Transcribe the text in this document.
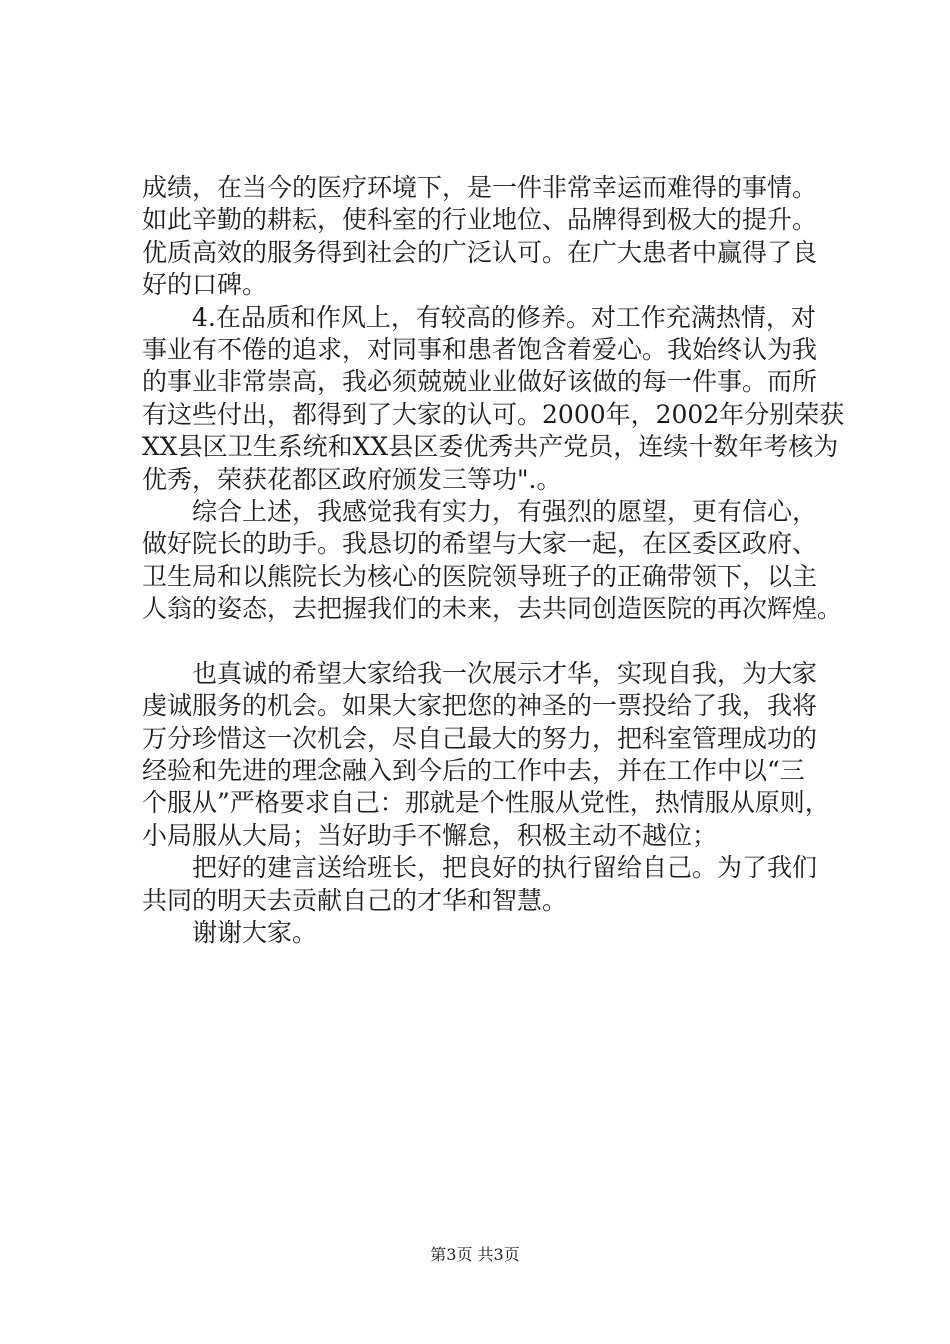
成绩，在当今的医疗环境下，是一件非常幸运而难得的事情。
如此辛勤的耕耘，使科室的行业地位、品牌得到极大的提升。
优质高效的服务得到社会的广泛认可。在广大患者中赢得了良
好的口碑。
　　4.在品质和作风上，有较高的修养。对工作充满热情，对
事业有不倦的追求，对同事和患者饱含着爱心。我始终认为我
的事业非常崇高，我必须兢兢业业做好该做的每一件事。而所
有这些付出，都得到了大家的认可。2000年，2002年分别荣获
XX县区卫生系统和XX县区委优秀共产党员，连续十数年考核为
优秀，荣获花都区政府颁发三等功".。
　　综合上述，我感觉我有实力，有强烈的愿望，更有信心，
做好院长的助手。我恳切的希望与大家一起，在区委区政府、
卫生局和以熊院长为核心的医院领导班子的正确带领下，以主
人翁的姿态，去把握我们的未来，去共同创造医院的再次辉煌。
　　也真诚的希望大家给我一次展示才华，实现自我，为大家
虔诚服务的机会。如果大家把您的神圣的一票投给了我，我将
万分珍惜这一次机会，尽自己最大的努力，把科室管理成功的
经验和先进的理念融入到今后的工作中去，并在工作中以“三
个服从”严格要求自己：那就是个性服从党性，热情服从原则，
小局服从大局；当好助手不懈怠，积极主动不越位；
　　把好的建言送给班长，把良好的执行留给自己。为了我们
共同的明天去贡献自己的才华和智慧。
　　谢谢大家。
第3页 共3页
